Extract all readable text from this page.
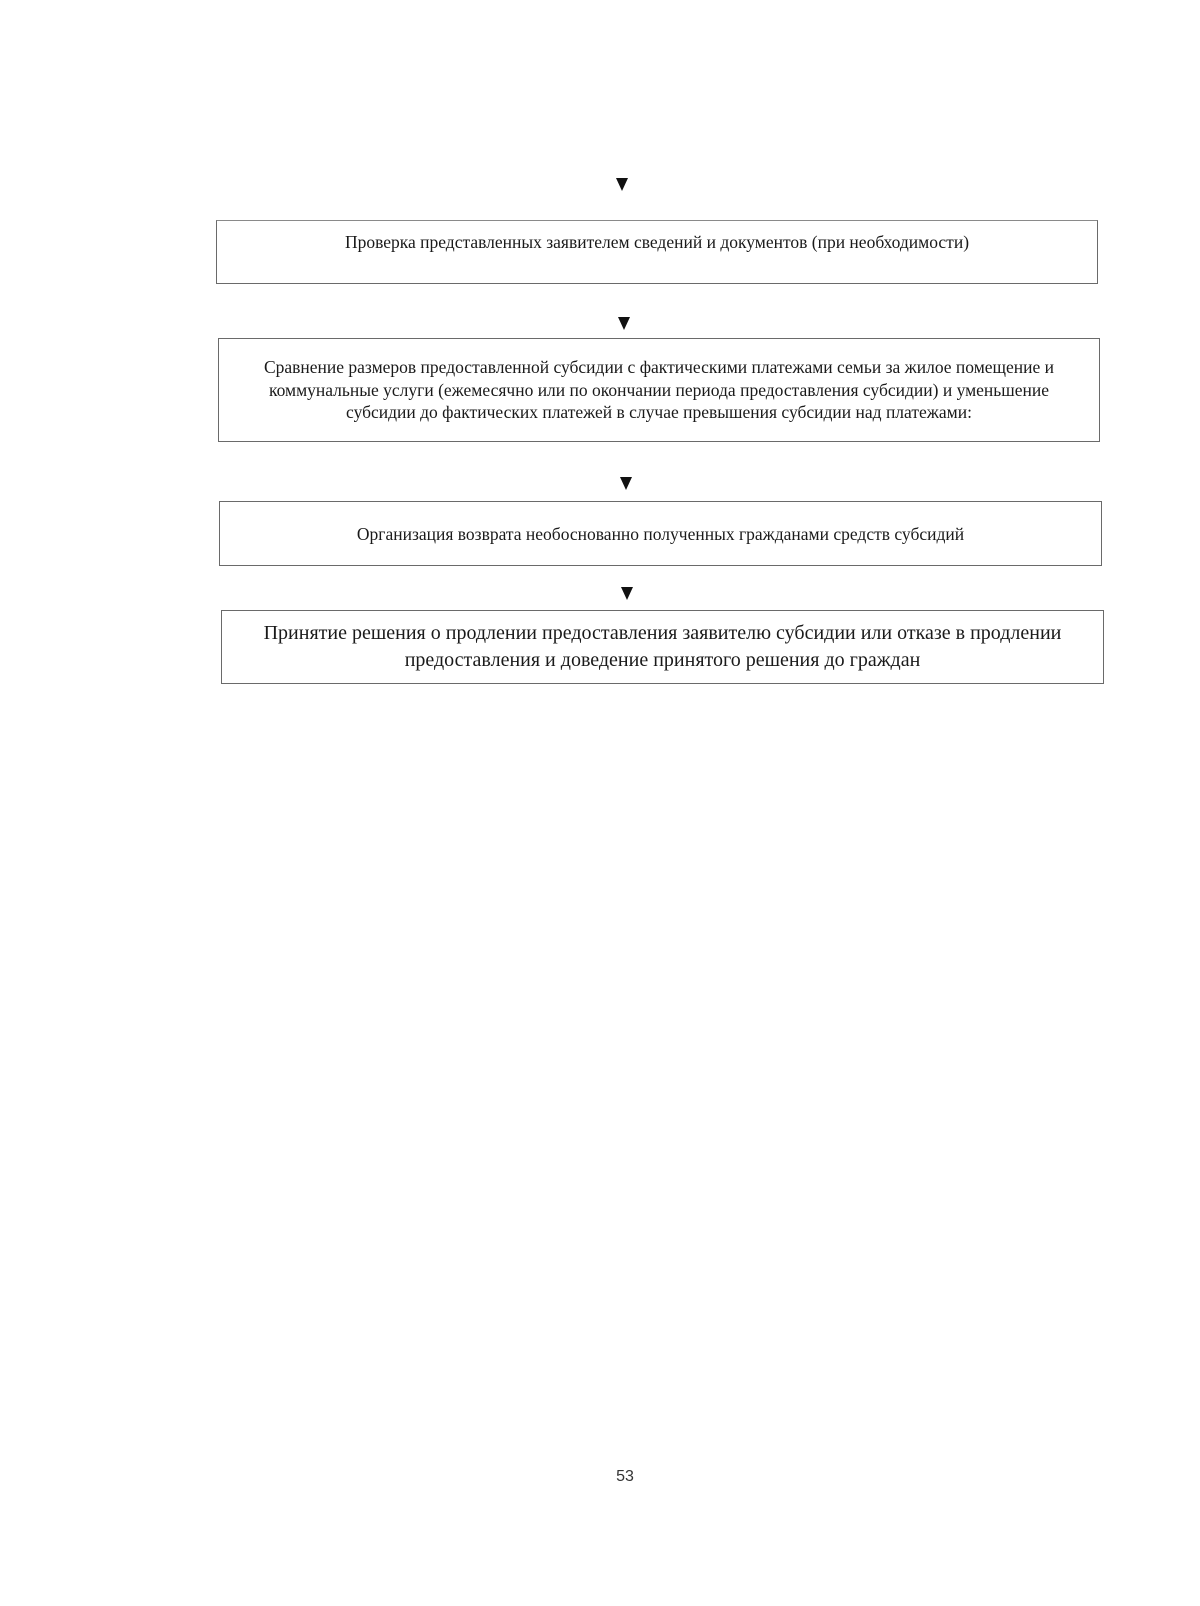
Проверка представленных заявителем сведений и документов (при необходимости)
Сравнение размеров предоставленной субсидии с фактическими платежами семьи за жилое помещение и коммунальные услуги (ежемесячно или по окончании периода предоставления субсидии) и уменьшение субсидии до фактических платежей в случае превышения субсидии над платежами:
Организация возврата необоснованно полученных гражданами средств субсидий
Принятие решения о продлении предоставления заявителю субсидии или отказе в продлении предоставления и доведение принятого решения до граждан
53
